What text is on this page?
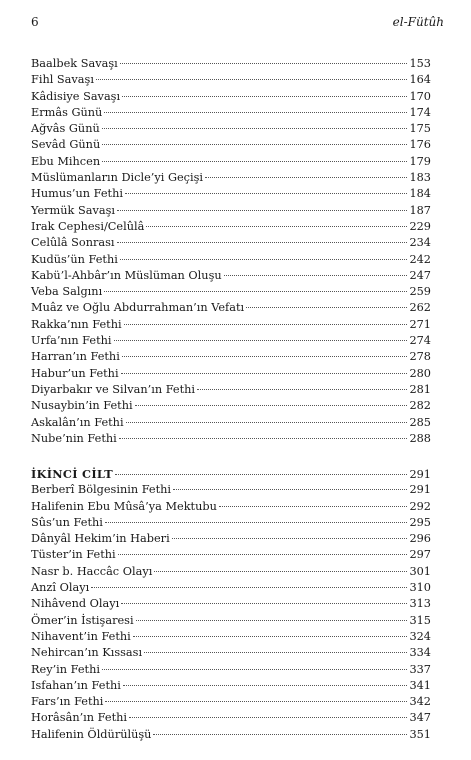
6	el-Fütûh
Baalbek Savaşı	153
Fihl Savaşı	164
Kâdisiye Savaşı	170
Ermâs Günü	174
Ağvâs Günü	175
Sevâd Günü	176
Ebu Mihcen	179
Müslümanların Dicle’yi Geçişi	183
Humus’un Fethi	184
Yermük Savaşı	187
Irak Cephesi/Celûlâ	229
Celûlâ Sonrası	234
Kudüs’ün Fethi	242
Kabü’l-Ahbâr’ın Müslüman Oluşu	247
Veba Salgını	259
Muâz ve Oğlu Abdurrahman’ın Vefatı	262
Rakka’nın Fethi	271
Urfa’nın Fethi	274
Harran’ın Fethi	278
Habur’un Fethi	280
Diyarbakır ve Silvan’ın Fethi	281
Nusaybin’in Fethi	282
Askalân’ın Fethi	285
Nube’nin Fethi	288
İKİNCİ CİLT	291
Berberî Bölgesinin Fethi	291
Halifenin Ebu Mûsâ’ya Mektubu	292
Sûs’un Fethi	295
Dânyâl Hekim’in Haberi	296
Tüster’in Fethi	297
Nasr b. Haccâc Olayı	301
Anzî Olayı	310
Nihâvend Olayı	313
Ömer’in İstişaresi	315
Nihavent’in Fethi	324
Nehircan’ın Kıssası	334
Rey’in Fethi	337
Isfahan’ın Fethi	341
Fars’ın Fethi	342
Horâsân’ın Fethi	347
Halifenin Öldürülüşü	351
